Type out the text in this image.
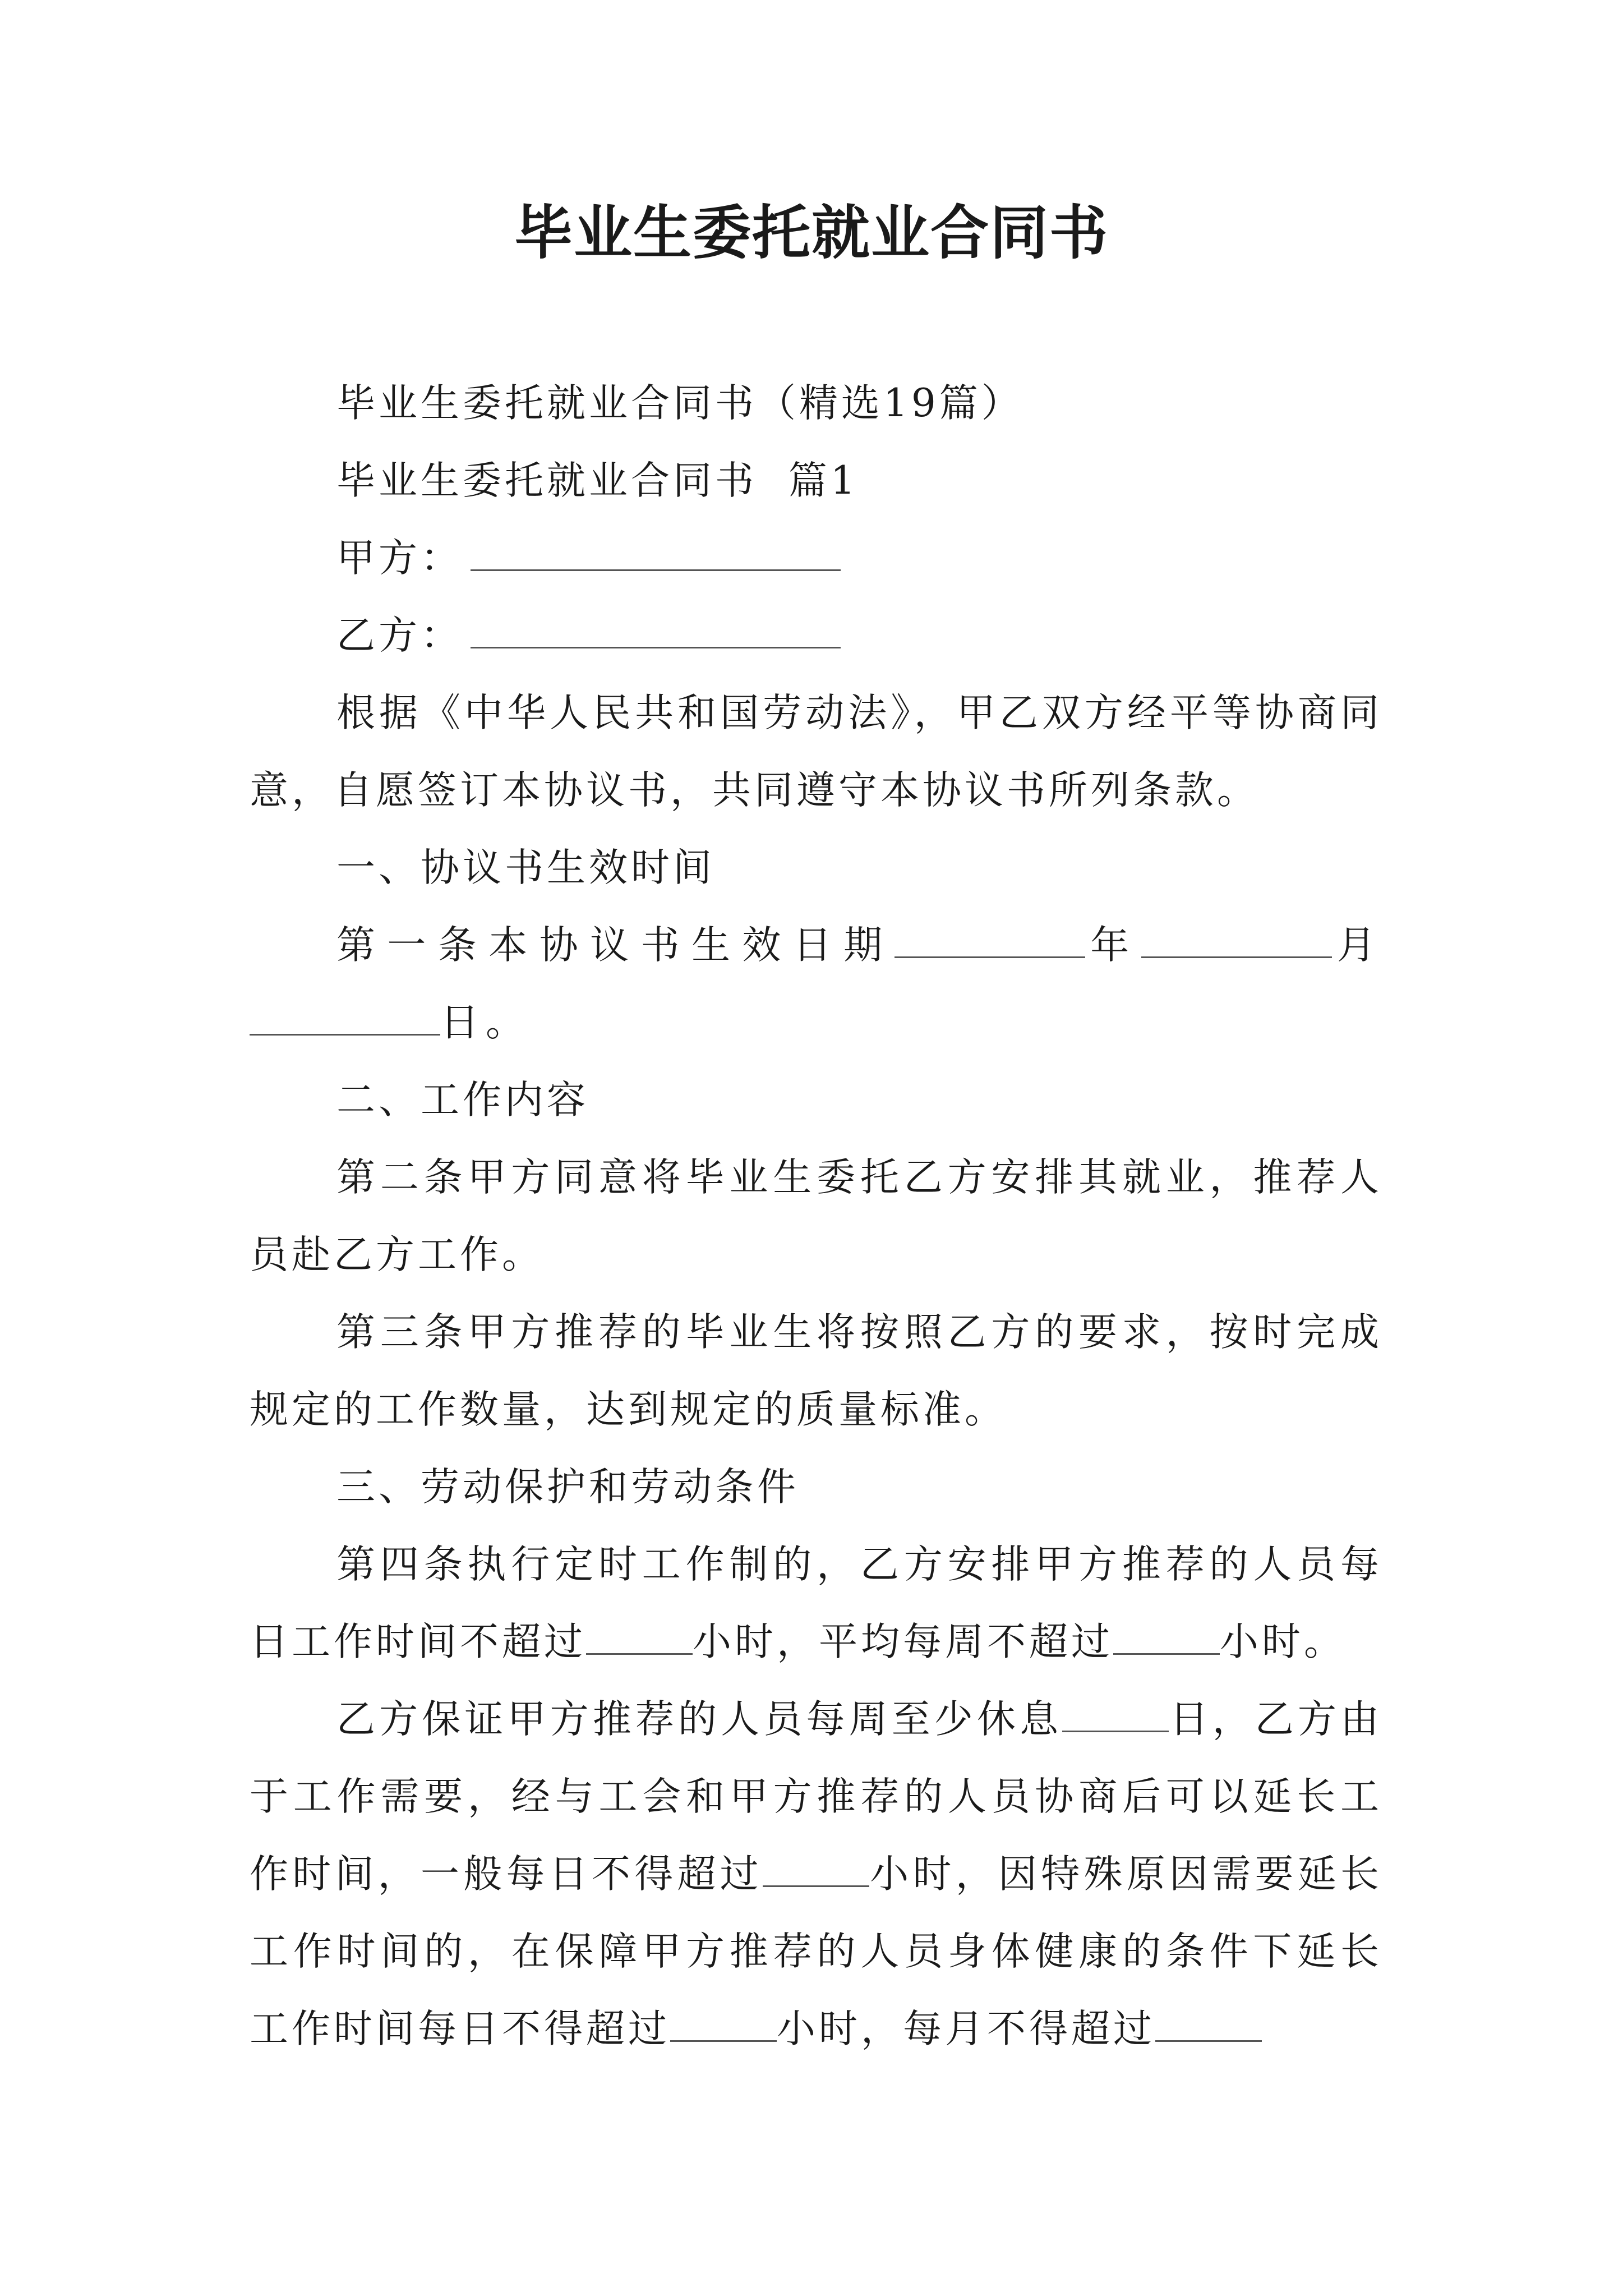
毕业生委托就业合同书

毕业生委托就业合同书（精选19篇）

毕业生委托就业合同书  篇1

甲方：

乙方：

根据《中华人民共和国劳动法》，甲乙双方经平等协商同意，自愿签订本协议书，共同遵守本协议书所列条款。

一、协议书生效时间

第一条本协议书生效日期	年	月日。

二、工作内容

第二条甲方同意将毕业生委托乙方安排其就业，推荐人员赴乙方工作。

第三条甲方推荐的毕业生将按照乙方的要求，按时完成规定的工作数量，达到规定的质量标准。

三、劳动保护和劳动条件

第四条执行定时工作制的，乙方安排甲方推荐的人员每日工作时间不超过	小时，平均每周不超过	小时。

乙方保证甲方推荐的人员每周至少休息	日，乙方由于工作需要，经与工会和甲方推荐的人员协商后可以延长工作时间，一般每日不得超过	小时，因特殊原因需要延长工作时间的，在保障甲方推荐的人员身体健康的条件下延长工作时间每日不得超过	小时，每月不得超过
